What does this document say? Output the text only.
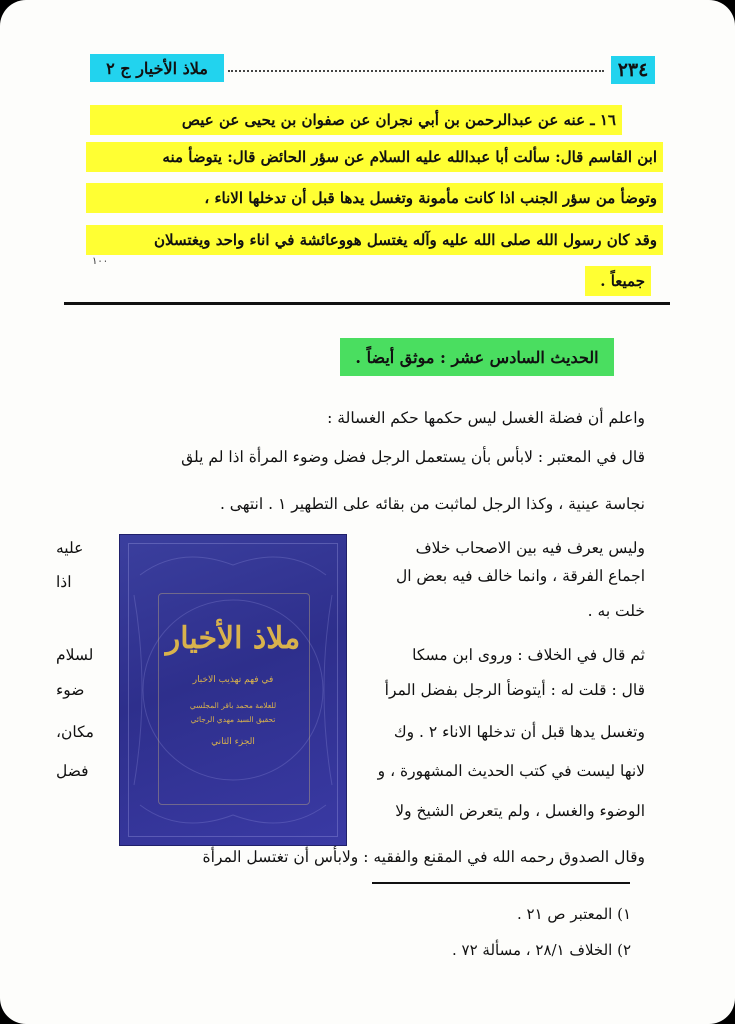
ملاذ الأخيار ج ٢	٢٣٤
١٦ ـ عنه عن عبدالرحمن بن أبي نجران عن صفوان بن يحيى عن عيص
ابن القاسم قال: سألت أبا عبدالله عليه السلام عن سؤر الحائض قال: يتوضأ منه
وتوضأ من سؤر الجنب اذا كانت مأمونة وتغسل يدها قبل أن تدخلها الاناء ،
وقد كان رسول الله صلى الله عليه وآله يغتسل هووعائشة في اناء واحد ويغتسلان
جميعاً .
١٠٠
الحديث السادس عشر : موثق أيضاً .
واعلم أن فضلة الغسل ليس حكمها حكم الغسالة :
قال في المعتبر : لابأس بأن يستعمل الرجل فضل وضوء المرأة اذا لم يلق
نجاسة عينية ، وكذا الرجل لماثبت من بقائه على التطهير ١ . انتهى .
وليس يعرف فيه بين الاصحاب خلاف
اجماع الفرقة ، وانما خالف فيه بعض ال
خلت به .
ثم قال في الخلاف : وروى ابن مسكا
قال : قلت له : أيتوضأ الرجل بفضل المرأ
وتغسل يدها قبل أن تدخلها الاناء ٢ . وك
لانها ليست في كتب الحديث المشهورة ، و
الوضوء والغسل ، ولم يتعرض الشيخ ولا
وقال الصدوق رحمه الله في المقنع والفقيه : ولابأس أن تغتسل المرأة
عليه
اذا
لسلام
ضوء
مكان،
فضل
١) المعتبر ص ٢١ .
٢) الخلاف ٢٨/١ ، مسألة ٧٢ .
ملاذ الأخيار
في فهم تهذيب الأخبار
للعلامة محمد باقر المجلسي
تحقيق السيد مهدي الرجائي
الجزء الثاني
